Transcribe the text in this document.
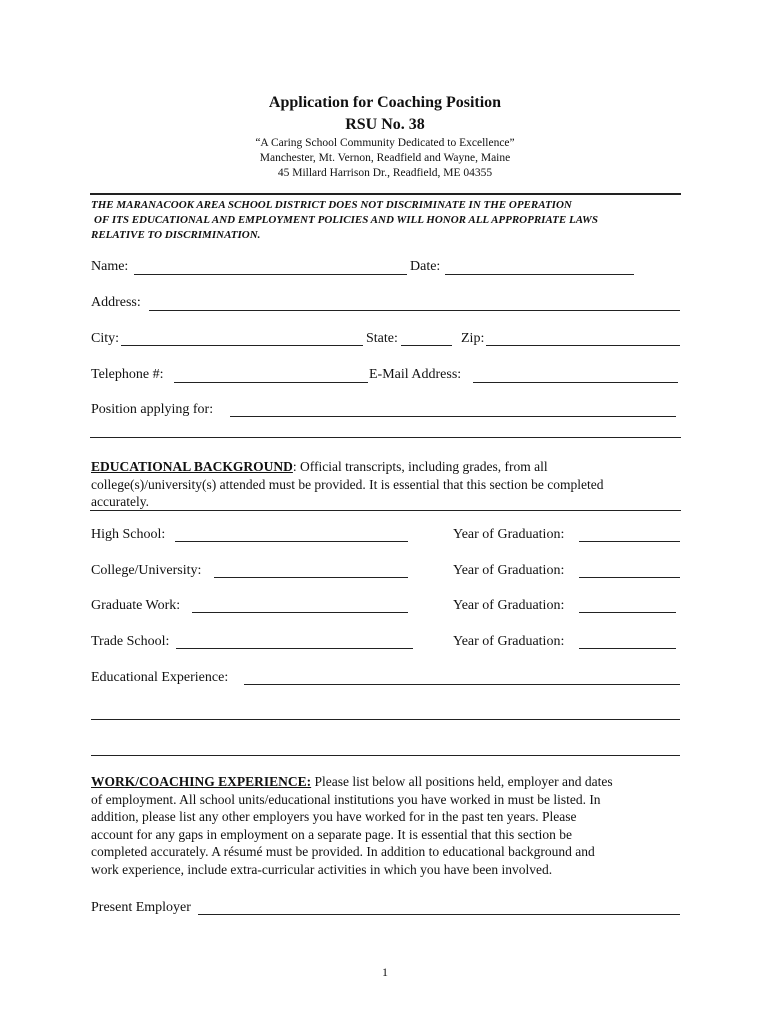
Application for Coaching Position
RSU No. 38
“A Caring School Community Dedicated to Excellence”
Manchester, Mt. Vernon, Readfield and Wayne, Maine
45 Millard Harrison Dr., Readfield, ME 04355
THE MARANACOOK AREA SCHOOL DISTRICT DOES NOT DISCRIMINATE IN THE OPERATION
OF ITS EDUCATIONAL AND EMPLOYMENT POLICIES AND WILL HONOR ALL APPROPRIATE LAWS
RELATIVE TO DISCRIMINATION.
Name:	Date:
Address:
City:	State:	Zip:
Telephone #:	E-Mail Address:
Position applying for:
EDUCATIONAL BACKGROUND: Official transcripts, including grades, from all
college(s)/university(s) attended must be provided. It is essential that this section be completed
accurately.
High School:	Year of Graduation:
College/University:	Year of Graduation:
Graduate Work:	Year of Graduation:
Trade School:	Year of Graduation:
Educational Experience:
WORK/COACHING EXPERIENCE: Please list below all positions held, employer and dates
of employment. All school units/educational institutions you have worked in must be listed. In
addition, please list any other employers you have worked for in the past ten years. Please
account for any gaps in employment on a separate page. It is essential that this section be
completed accurately. A résumé must be provided. In addition to educational background and
work experience, include extra-curricular activities in which you have been involved.
Present Employer
1
